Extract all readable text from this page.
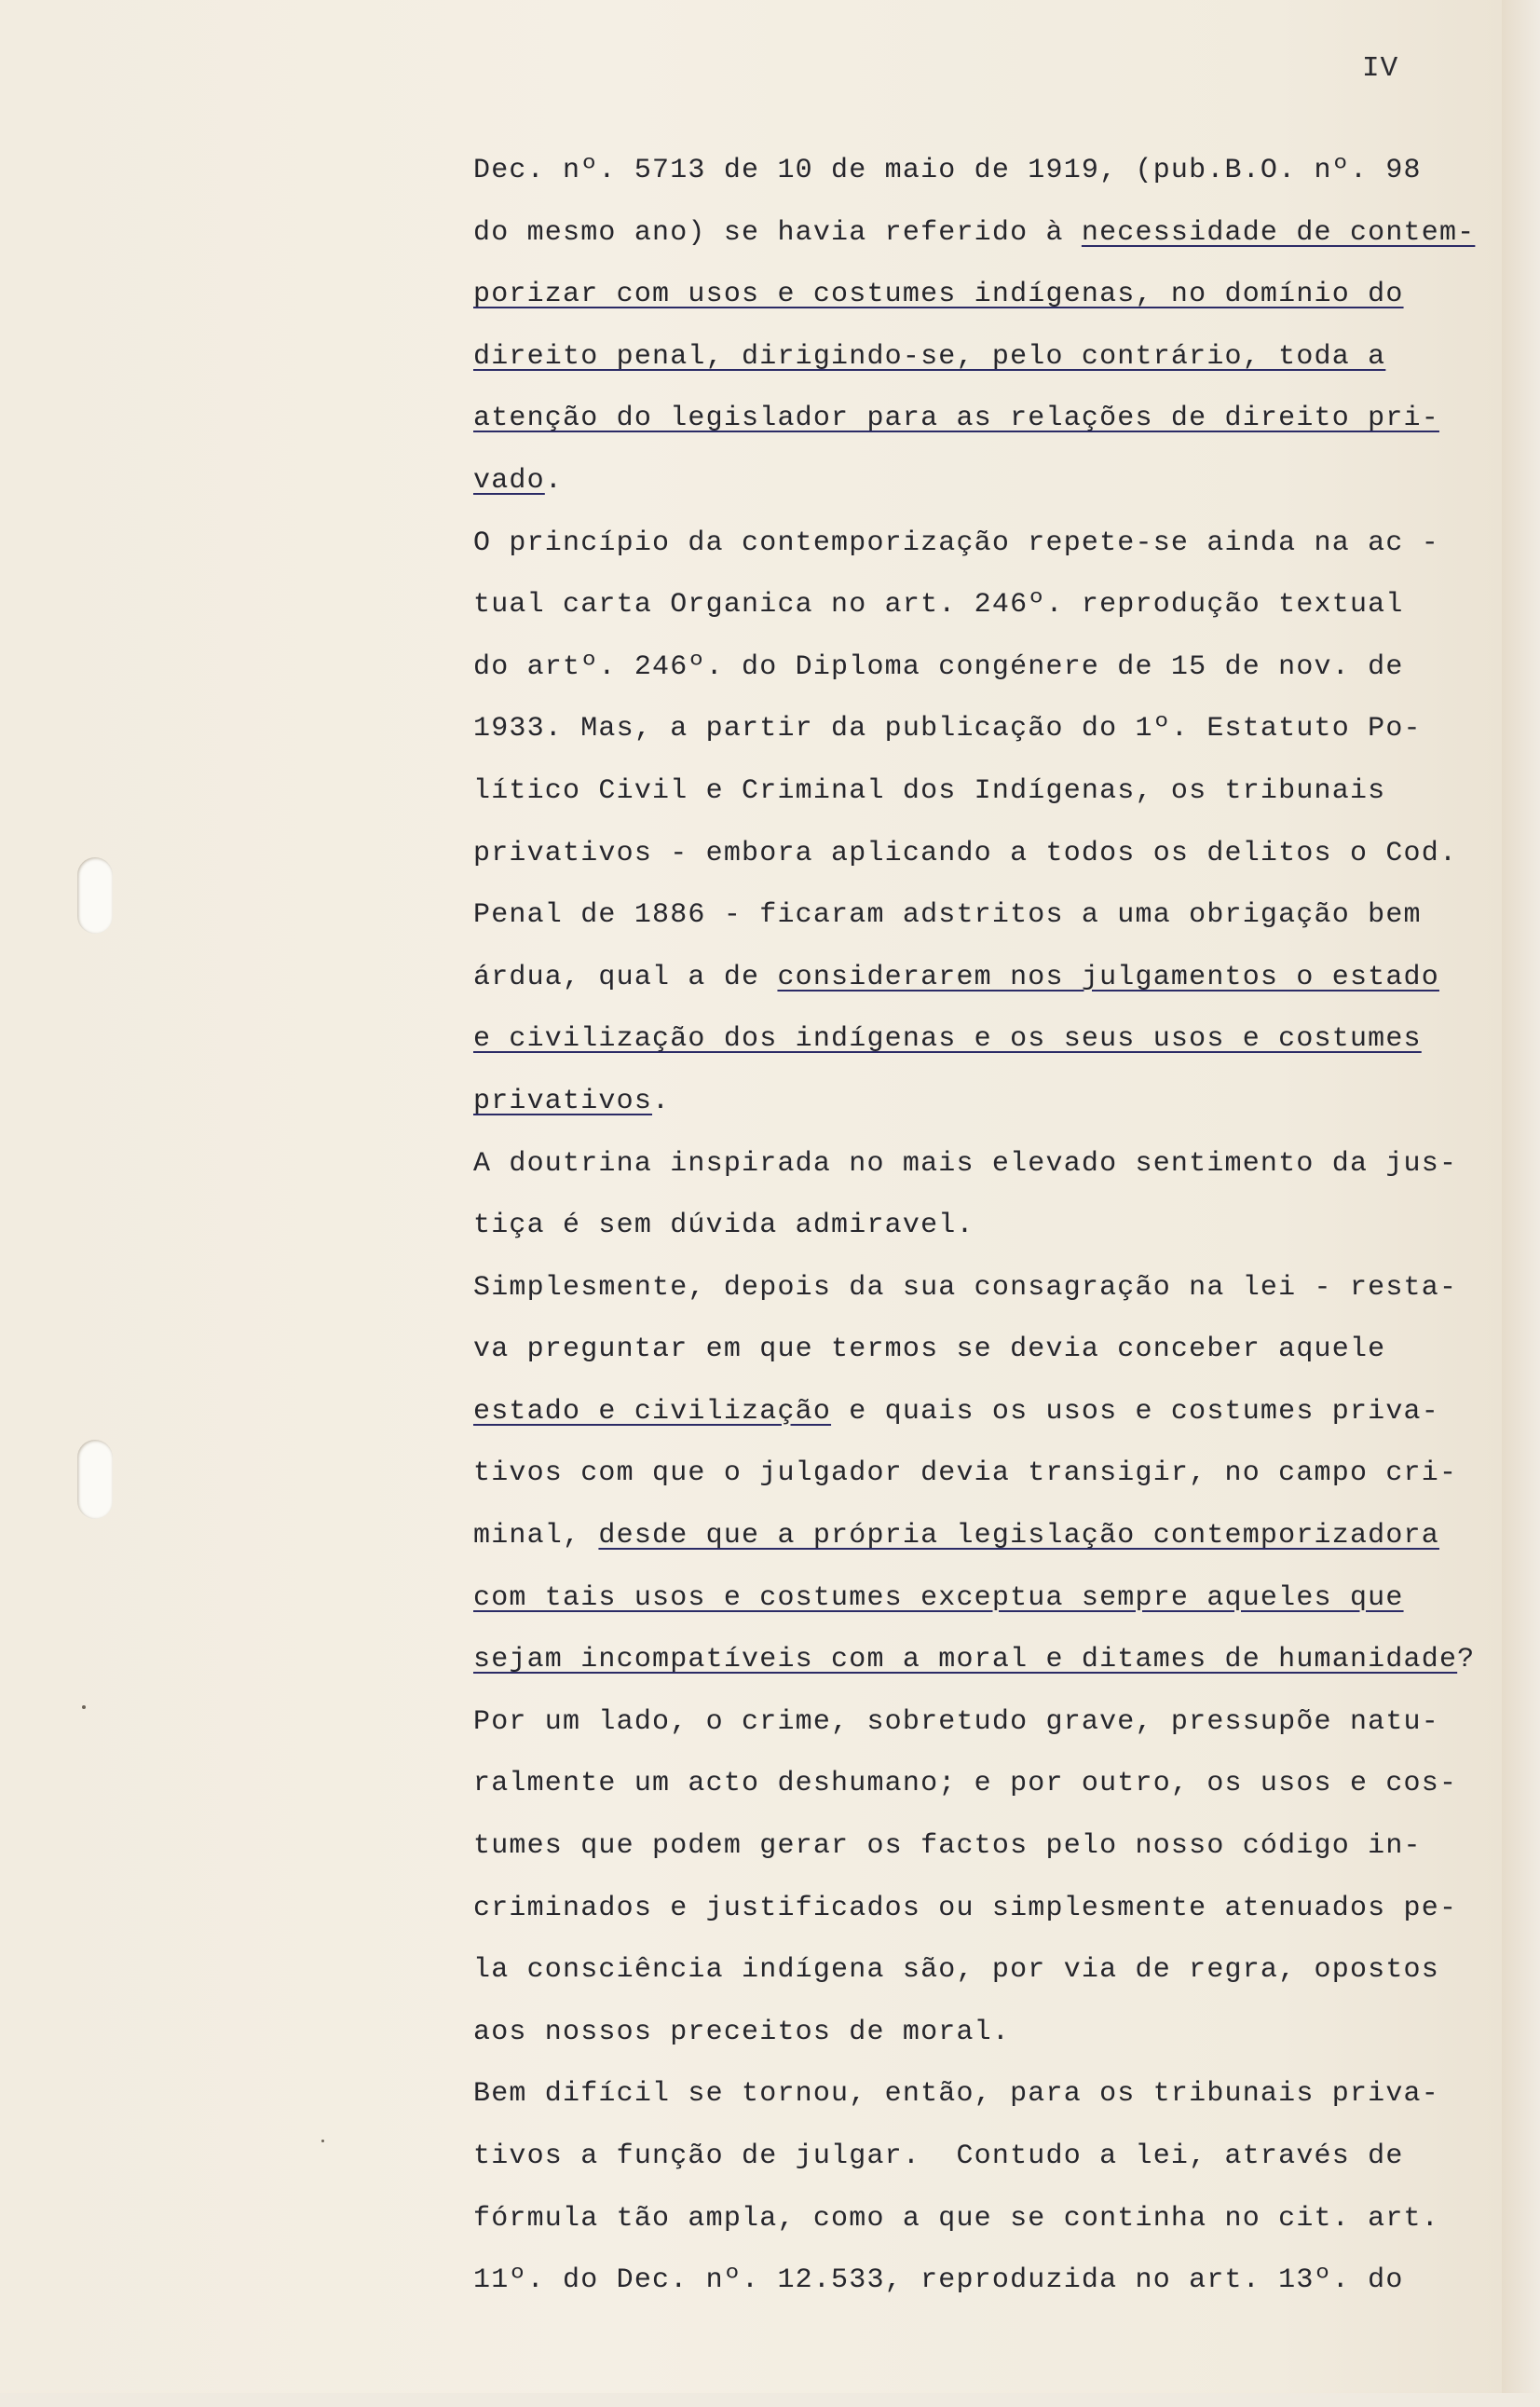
IV
Dec. nº. 5713 de 10 de maio de 1919, (pub.B.O. nº. 98
do mesmo ano) se havia referido à necessidade de contem-
porizar com usos e costumes indígenas, no domínio do
direito penal, dirigindo-se, pelo contrário, toda a
atenção do legislador para as relações de direito pri-
vado.
O princípio da contemporização repete-se ainda na ac -
tual carta Organica no art. 246º. reprodução textual
do artº. 246º. do Diploma congénere de 15 de nov. de
1933. Mas, a partir da publicação do 1º. Estatuto Po-
lítico Civil e Criminal dos Indígenas, os tribunais
privativos - embora aplicando a todos os delitos o Cod.
Penal de 1886 - ficaram adstritos a uma obrigação bem
árdua, qual a de considerarem nos julgamentos o estado
e civilização dos indígenas e os seus usos e costumes
privativos.
A doutrina inspirada no mais elevado sentimento da jus-
tiça é sem dúvida admiravel.
Simplesmente, depois da sua consagração na lei - resta-
va preguntar em que termos se devia conceber aquele
estado e civilização e quais os usos e costumes priva-
tivos com que o julgador devia transigir, no campo cri-
minal, desde que a própria legislação contemporizadora
com tais usos e costumes exceptua sempre aqueles que
sejam incompatíveis com a moral e ditames de humanidade?
Por um lado, o crime, sobretudo grave, pressupõe natu-
ralmente um acto deshumano; e por outro, os usos e cos-
tumes que podem gerar os factos pelo nosso código in-
criminados e justificados ou simplesmente atenuados pe-
la consciência indígena são, por via de regra, opostos
aos nossos preceitos de moral.
Bem difícil se tornou, então, para os tribunais priva-
tivos a função de julgar.  Contudo a lei, através de
fórmula tão ampla, como a que se continha no cit. art.
11º. do Dec. nº. 12.533, reproduzida no art. 13º. do
